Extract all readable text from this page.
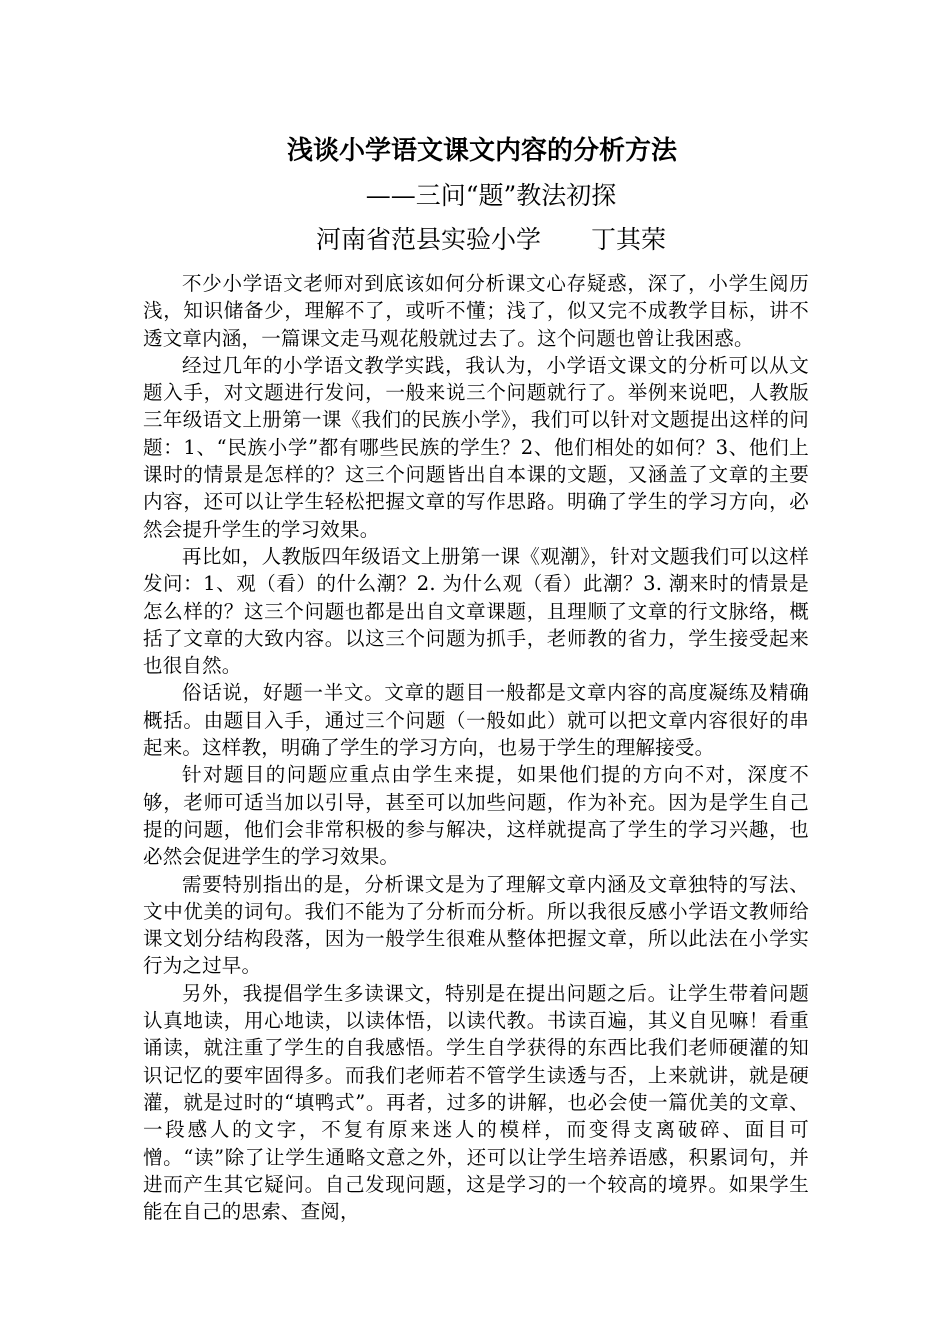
浅谈小学语文课文内容的分析方法
——三问“题”教法初探
河南省范县实验小学　　丁其荣

不少小学语文老师对到底该如何分析课文心存疑惑，深了，小学生阅历浅，知识储备少，理解不了，或听不懂；浅了，似又完不成教学目标，讲不透文章内涵，一篇课文走马观花般就过去了。这个问题也曾让我困惑。

经过几年的小学语文教学实践，我认为，小学语文课文的分析可以从文题入手，对文题进行发问，一般来说三个问题就行了。举例来说吧，人教版三年级语文上册第一课《我们的民族小学》，我们可以针对文题提出这样的问题：1、“民族小学”都有哪些民族的学生？2、他们相处的如何？3、他们上课时的情景是怎样的？这三个问题皆出自本课的文题，又涵盖了文章的主要内容，还可以让学生轻松把握文章的写作思路。明确了学生的学习方向，必然会提升学生的学习效果。

再比如，人教版四年级语文上册第一课《观潮》，针对文题我们可以这样发问：1、观（看）的什么潮？2. 为什么观（看）此潮？3. 潮来时的情景是怎么样的？这三个问题也都是出自文章课题，且理顺了文章的行文脉络，概括了文章的大致内容。以这三个问题为抓手，老师教的省力，学生接受起来也很自然。

俗话说，好题一半文。文章的题目一般都是文章内容的高度凝练及精确概括。由题目入手，通过三个问题（一般如此）就可以把文章内容很好的串起来。这样教，明确了学生的学习方向，也易于学生的理解接受。

针对题目的问题应重点由学生来提，如果他们提的方向不对，深度不够，老师可适当加以引导，甚至可以加些问题，作为补充。因为是学生自己提的问题，他们会非常积极的参与解决，这样就提高了学生的学习兴趣，也必然会促进学生的学习效果。

需要特别指出的是，分析课文是为了理解文章内涵及文章独特的写法、文中优美的词句。我们不能为了分析而分析。所以我很反感小学语文教师给课文划分结构段落，因为一般学生很难从整体把握文章，所以此法在小学实行为之过早。

另外，我提倡学生多读课文，特别是在提出问题之后。让学生带着问题认真地读，用心地读，以读体悟，以读代教。书读百遍，其义自见嘛！看重诵读，就注重了学生的自我感悟。学生自学获得的东西比我们老师硬灌的知识记忆的要牢固得多。而我们老师若不管学生读透与否，上来就讲，就是硬灌，就是过时的“填鸭式”。再者，过多的讲解，也必会使一篇优美的文章、一段感人的文字，不复有原来迷人的模样，而变得支离破碎、面目可憎。“读”除了让学生通略文意之外，还可以让学生培养语感，积累词句，并进而产生其它疑问。自己发现问题，这是学习的一个较高的境界。如果学生能在自己的思索、查阅，
